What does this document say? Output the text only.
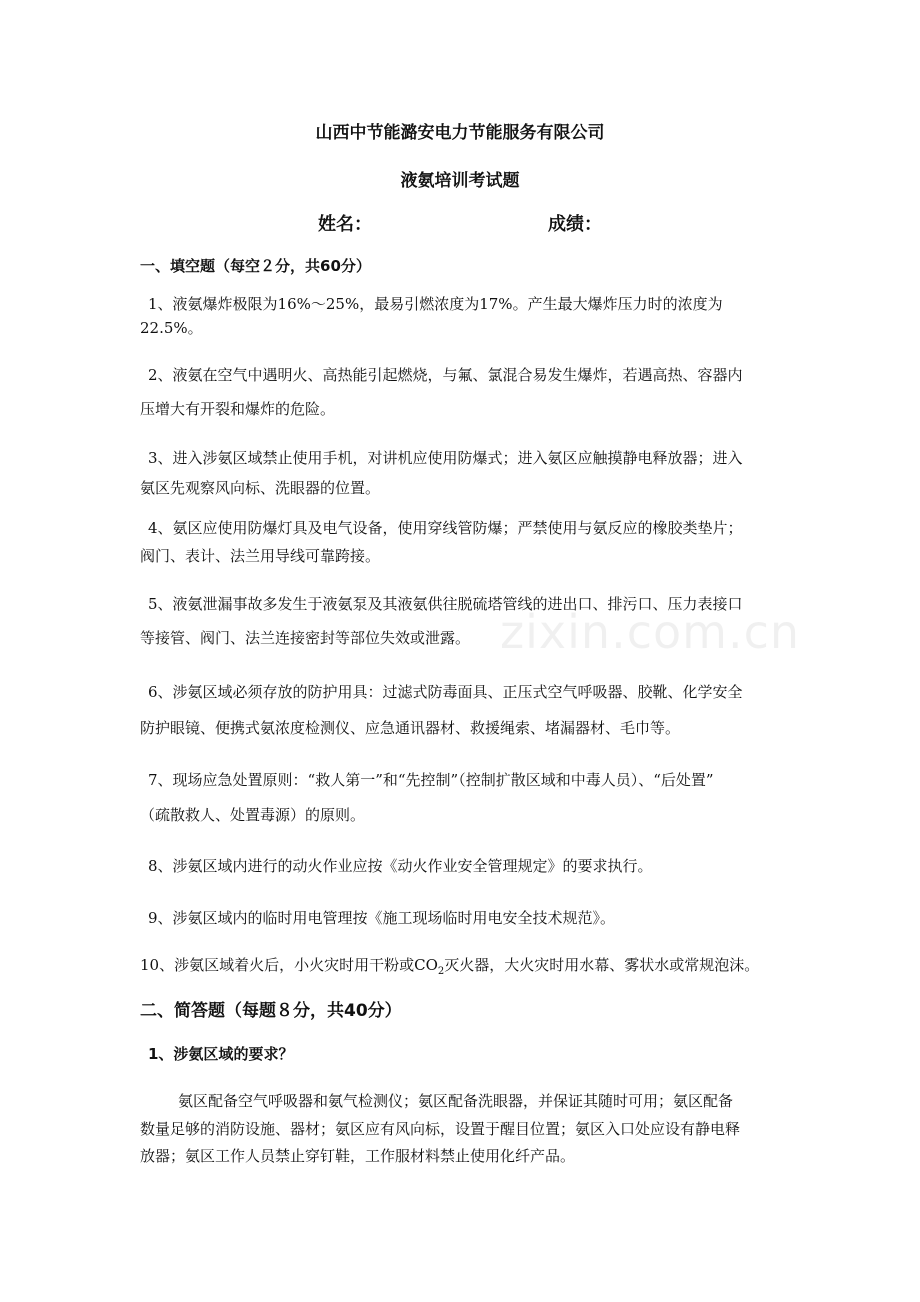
山西中节能潞安电力节能服务有限公司
液氨培训考试题
姓名：	成绩：
一、填空题（每空２分，共60分）
1、液氨爆炸极限为16%～25%，最易引燃浓度为17%。产生最大爆炸压力时的浓度为
22.5%。
2、液氨在空气中遇明火、高热能引起燃烧，与氟、氯混合易发生爆炸，若遇高热、容器内
压增大有开裂和爆炸的危险。
3、进入涉氨区域禁止使用手机，对讲机应使用防爆式；进入氨区应触摸静电释放器；进入
氨区先观察风向标、洗眼器的位置。
4、氨区应使用防爆灯具及电气设备，使用穿线管防爆；严禁使用与氨反应的橡胶类垫片；
阀门、表计、法兰用导线可靠跨接。
5、液氨泄漏事故多发生于液氨泵及其液氨供往脱硫塔管线的进出口、排污口、压力表接口
等接管、阀门、法兰连接密封等部位失效或泄露。
6、涉氨区域必须存放的防护用具：过滤式防毒面具、正压式空气呼吸器、胶靴、化学安全
防护眼镜、便携式氨浓度检测仪、应急通讯器材、救援绳索、堵漏器材、毛巾等。
7、现场应急处置原则：“救人第一”和“先控制”（控制扩散区域和中毒人员）、“后处置”
（疏散救人、处置毒源）的原则。
8、涉氨区域内进行的动火作业应按《动火作业安全管理规定》的要求执行。
9、涉氨区域内的临时用电管理按《施工现场临时用电安全技术规范》。
10、涉氨区域着火后，小火灾时用干粉或$CO_2$灭火器，大火灾时用水幕、雾状水或常规泡沫。
二、简答题（每题８分，共40分）
1、涉氨区域的要求？
氨区配备空气呼吸器和氨气检测仪；氨区配备洗眼器，并保证其随时可用；氨区配备
数量足够的消防设施、器材；氨区应有风向标，设置于醒目位置；氨区入口处应设有静电释
放器；氨区工作人员禁止穿钉鞋，工作服材料禁止使用化纤产品。
zixin.com.cn
